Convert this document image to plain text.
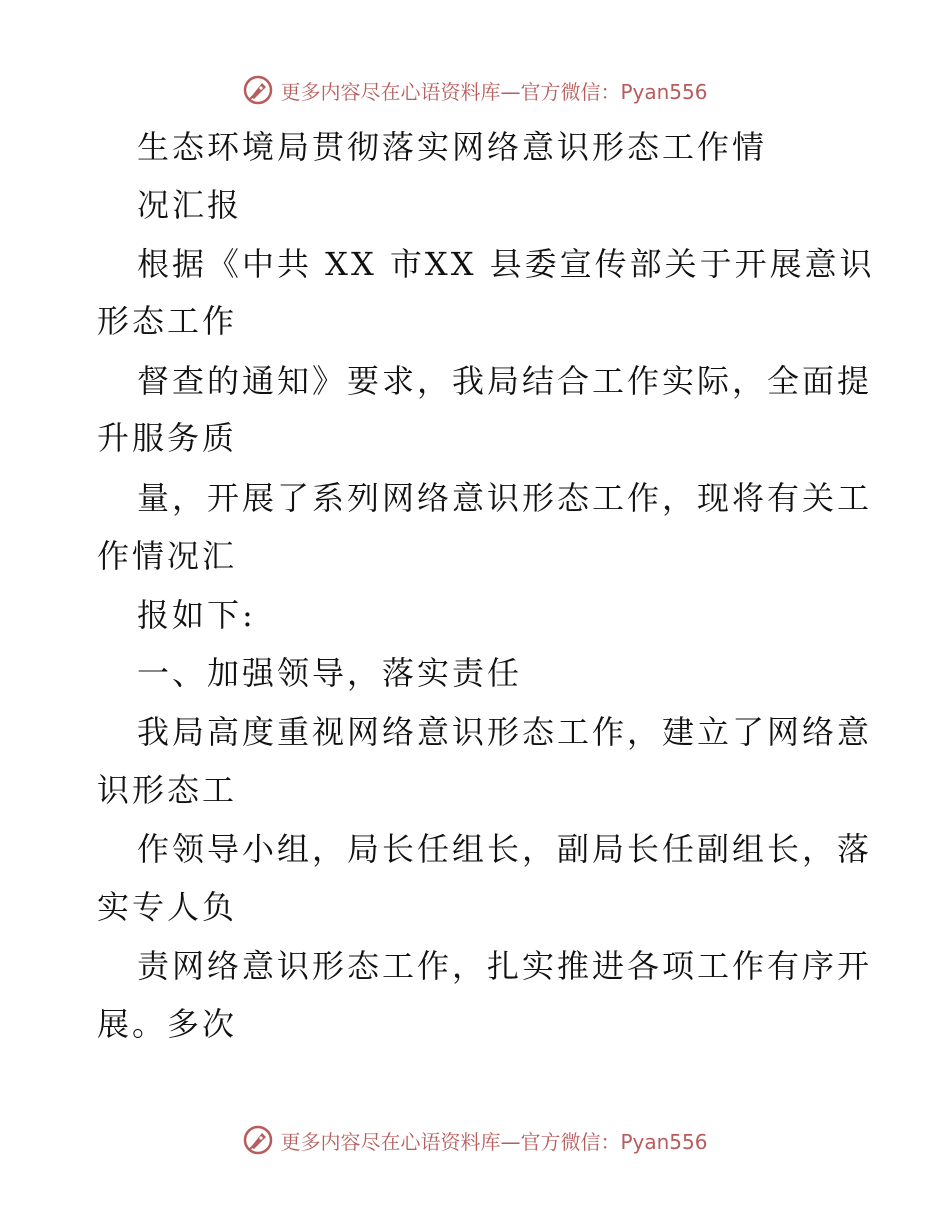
更多内容尽在心语资料库—官方微信：Pyan556
生态环境局贯彻落实网络意识形态工作情
况汇报
根据《中共 XX 市XX 县委宣传部关于开展意识
形态工作
督查的通知》要求，我局结合工作实际，全面提
升服务质
量，开展了系列网络意识形态工作，现将有关工
作情况汇
报如下:
一、加强领导，落实责任
我局高度重视网络意识形态工作，建立了网络意
识形态工
作领导小组，局长任组长，副局长任副组长，落
实专人负
责网络意识形态工作，扎实推进各项工作有序开
展。多次
更多内容尽在心语资料库—官方微信：Pyan556
